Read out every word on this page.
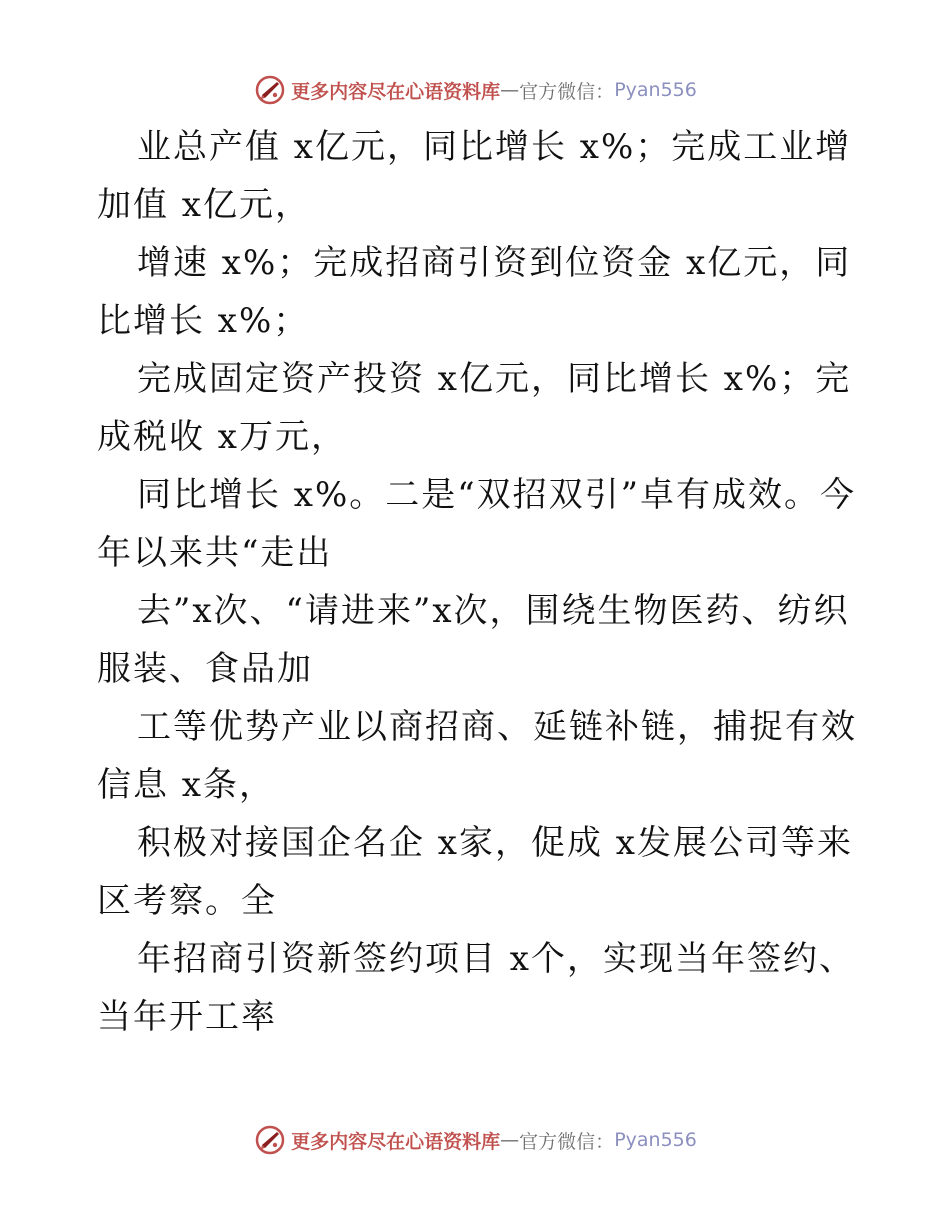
更多内容尽在心语资料库 — 官方微信： Pyan556

业总产值 x亿元，同比增长 x%；完成工业增加值 x亿元，

增速 x%；完成招商引资到位资金 x亿元，同比增长 x%；

完成固定资产投资 x亿元，同比增长 x%；完成税收 x万元，

同比增长 x%。二是“双招双引”卓有成效。今年以来共“走出

去”x次、“请进来”x次，围绕生物医药、纺织服装、食品加

工等优势产业以商招商、延链补链，捕捉有效信息 x条，

积极对接国企名企 x家，促成 x发展公司等来区考察。全

年招商引资新签约项目 x个，实现当年签约、当年开工率

更多内容尽在心语资料库 — 官方微信： Pyan556
